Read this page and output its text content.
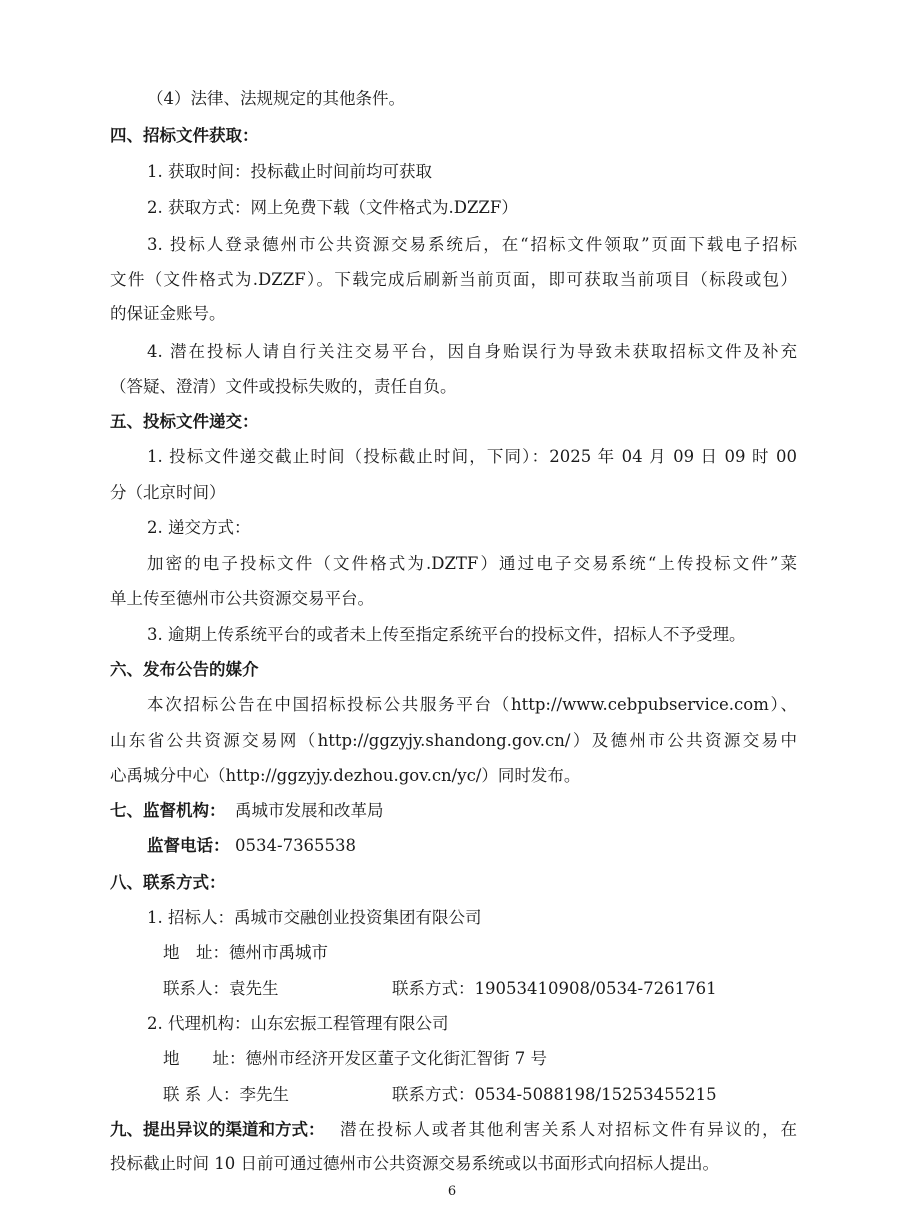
（4）法律、法规规定的其他条件。
四、招标文件获取：
1. 获取时间：投标截止时间前均可获取
2. 获取方式：网上免费下载（文件格式为.DZZF）
3. 投标人登录德州市公共资源交易系统后，在“招标文件领取”页面下载电子招标
文件（文件格式为.DZZF）。下载完成后刷新当前页面，即可获取当前项目（标段或包）
的保证金账号。
4. 潜在投标人请自行关注交易平台，因自身贻误行为导致未获取招标文件及补充
（答疑、澄清）文件或投标失败的，责任自负。
五、投标文件递交：
1. 投标文件递交截止时间（投标截止时间，下同）：2025 年 04 月 09 日 09 时 00
分（北京时间）
2. 递交方式：
加密的电子投标文件（文件格式为.DZTF）通过电子交易系统“上传投标文件”菜
单上传至德州市公共资源交易平台。
3. 逾期上传系统平台的或者未上传至指定系统平台的投标文件，招标人不予受理。
六、发布公告的媒介
本次招标公告在中国招标投标公共服务平台（http://www.cebpubservice.com）、
山东省公共资源交易网（http://ggzyjy.shandong.gov.cn/）及德州市公共资源交易中
心禹城分中心（http://ggzyjy.dezhou.gov.cn/yc/）同时发布。
七、监督机构： 禹城市发展和改革局
监督电话： 0534-7365538
八、联系方式：
1. 招标人：禹城市交融创业投资集团有限公司
地　址：德州市禹城市
联系人：袁先生	联系方式：19053410908/0534-7261761
2. 代理机构：山东宏振工程管理有限公司
地　　址：德州市经济开发区董子文化街汇智街 7 号
联 系 人：李先生	联系方式：0534-5088198/15253455215
九、提出异议的渠道和方式： 潜在投标人或者其他利害关系人对招标文件有异议的，在
投标截止时间 10 日前可通过德州市公共资源交易系统或以书面形式向招标人提出。
6
